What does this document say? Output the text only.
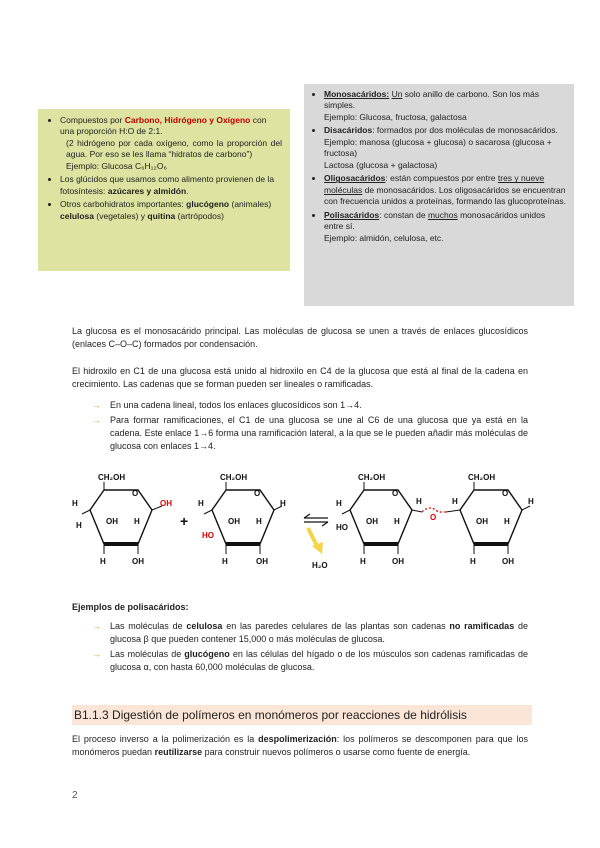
• Compuestos por Carbono, Hidrógeno y Oxígeno con una proporción H:O de 2:1.
(2 hidrógeno por cada oxígeno, como la proporción del agua. Por eso se les llama “hidratos de carbono”)
Ejemplo: Glucosa C₆H₁₂O₆
• Los glúcidos que usamos como alimento provienen de la fotosíntesis: azúcares y almidón.
• Otros carbohidratos importantes: glucógeno (animales) celulosa (vegetales) y quitina (artrópodos)
• Monosacáridos: Un solo anillo de carbono. Son los más simples.
Ejemplo: Glucosa, fructosa, galactosa
• Disacáridos: formados por dos moléculas de monosacáridos.
Ejemplo: manosa (glucosa + glucosa) o sacarosa (glucosa + fructosa)
Lactosa (glucosa + galactosa)
• Oligosacáridos: están compuestos por entre tres y nueve moléculas de monosacáridos. Los oligosacáridos se encuentran con frecuencia unidos a proteínas, formando las glucoproteínas.
• Polisacáridos: constan de muchos monosacáridos unidos entre sí.
Ejemplo: almidón, celulosa, etc.
La glucosa es el monosacárido principal. Las moléculas de glucosa se unen a través de enlaces glucosídicos (enlaces C–O–C) formados por condensación.
El hidroxilo en C1 de una glucosa está unido al hidroxilo en C4 de la glucosa que está al final de la cadena en crecimiento. Las cadenas que se forman pueden ser lineales o ramificadas.
→ En una cadena lineal, todos los enlaces glucosídicos son 1→4.
→ Para formar ramificaciones, el C1 de una glucosa se une al C6 de una glucosa que ya está en la cadena. Este enlace 1→6 forma una ramificación lateral, a la que se le pueden añadir más moléculas de glucosa con enlaces 1→4.
CH₂OH
O
OH
H
OH H
H
H	OH
+
CH₂OH
O
H
H
OH H
HO
H	OH	H₂O
CH₂OH
O
H
H
OH H
HO
H	OH
O
CH₂OH
O
H
H
OH H
H	OH
Ejemplos de polisacáridos:
→ Las moléculas de celulosa en las paredes celulares de las plantas son cadenas no ramificadas de glucosa β que pueden contener 15,000 o más moléculas de glucosa.
→ Las moléculas de glucógeno en las células del hígado o de los músculos son cadenas ramificadas de glucosa α, con hasta 60,000 moléculas de glucosa.
B1.1.3 Digestión de polímeros en monómeros por reacciones de hidrólisis
El proceso inverso a la polimerización es la despolimerización: los polímeros se descomponen para que los monómeros puedan reutilizarse para construir nuevos polímeros o usarse como fuente de energía.
2
